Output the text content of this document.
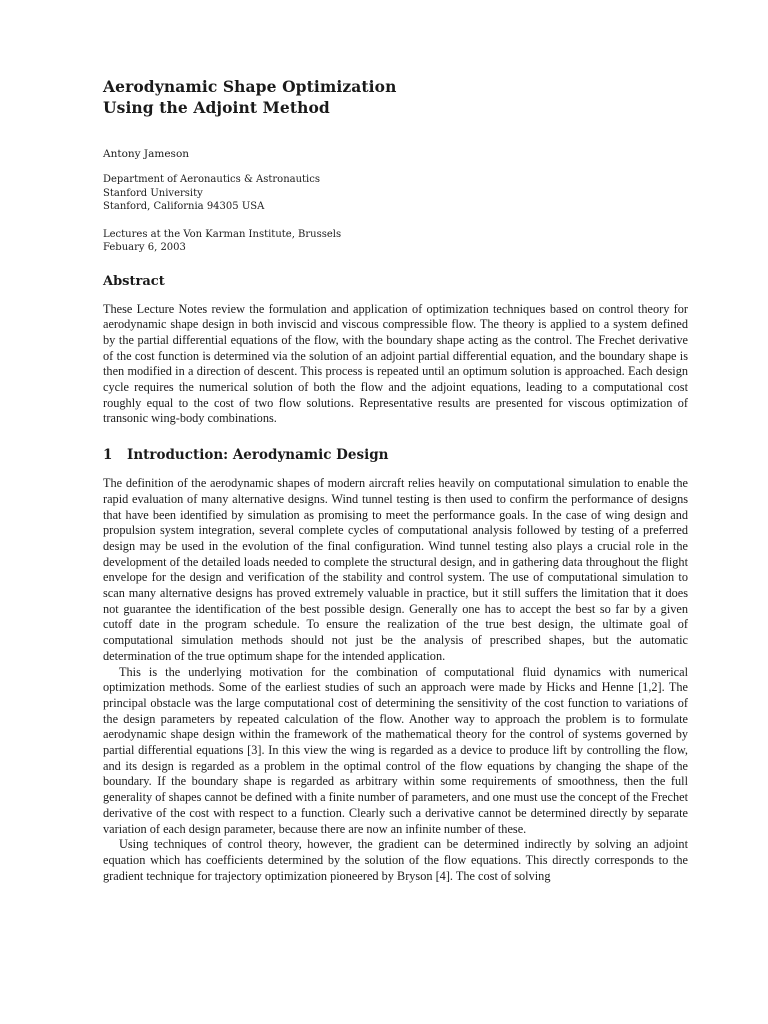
Aerodynamic Shape Optimization
Using the Adjoint Method
Antony Jameson
Department of Aeronautics & Astronautics
Stanford University
Stanford, California 94305 USA
Lectures at the Von Karman Institute, Brussels
Febuary 6, 2003
Abstract

These Lecture Notes review the formulation and application of optimization techniques based on control theory for aerodynamic shape design in both inviscid and viscous compressible flow. The theory is applied to a system defined by the partial differential equations of the flow, with the boundary shape acting as the control. The Frechet derivative of the cost function is determined via the solution of an adjoint partial differential equation, and the boundary shape is then modified in a direction of descent. This process is repeated until an optimum solution is approached. Each design cycle requires the numerical solution of both the flow and the adjoint equations, leading to a computational cost roughly equal to the cost of two flow solutions. Representative results are presented for viscous optimization of transonic wing-body combinations.

1 Introduction: Aerodynamic Design

The definition of the aerodynamic shapes of modern aircraft relies heavily on computational simulation to enable the rapid evaluation of many alternative designs. Wind tunnel testing is then used to confirm the performance of designs that have been identified by simulation as promising to meet the performance goals. In the case of wing design and propulsion system integration, several complete cycles of computational analysis followed by testing of a preferred design may be used in the evolution of the final configuration. Wind tunnel testing also plays a crucial role in the development of the detailed loads needed to complete the structural design, and in gathering data throughout the flight envelope for the design and verification of the stability and control system. The use of computational simulation to scan many alternative designs has proved extremely valuable in practice, but it still suffers the limitation that it does not guarantee the identification of the best possible design. Generally one has to accept the best so far by a given cutoff date in the program schedule. To ensure the realization of the true best design, the ultimate goal of computational simulation methods should not just be the analysis of prescribed shapes, but the automatic determination of the true optimum shape for the intended application.

This is the underlying motivation for the combination of computational fluid dynamics with numerical optimization methods. Some of the earliest studies of such an approach were made by Hicks and Henne [1,2]. The principal obstacle was the large computational cost of determining the sensitivity of the cost function to variations of the design parameters by repeated calculation of the flow. Another way to approach the problem is to formulate aerodynamic shape design within the framework of the mathematical theory for the control of systems governed by partial differential equations [3]. In this view the wing is regarded as a device to produce lift by controlling the flow, and its design is regarded as a problem in the optimal control of the flow equations by changing the shape of the boundary. If the boundary shape is regarded as arbitrary within some requirements of smoothness, then the full generality of shapes cannot be defined with a finite number of parameters, and one must use the concept of the Frechet derivative of the cost with respect to a function. Clearly such a derivative cannot be determined directly by separate variation of each design parameter, because there are now an infinite number of these.

Using techniques of control theory, however, the gradient can be determined indirectly by solving an adjoint equation which has coefficients determined by the solution of the flow equations. This directly corresponds to the gradient technique for trajectory optimization pioneered by Bryson [4]. The cost of solving
